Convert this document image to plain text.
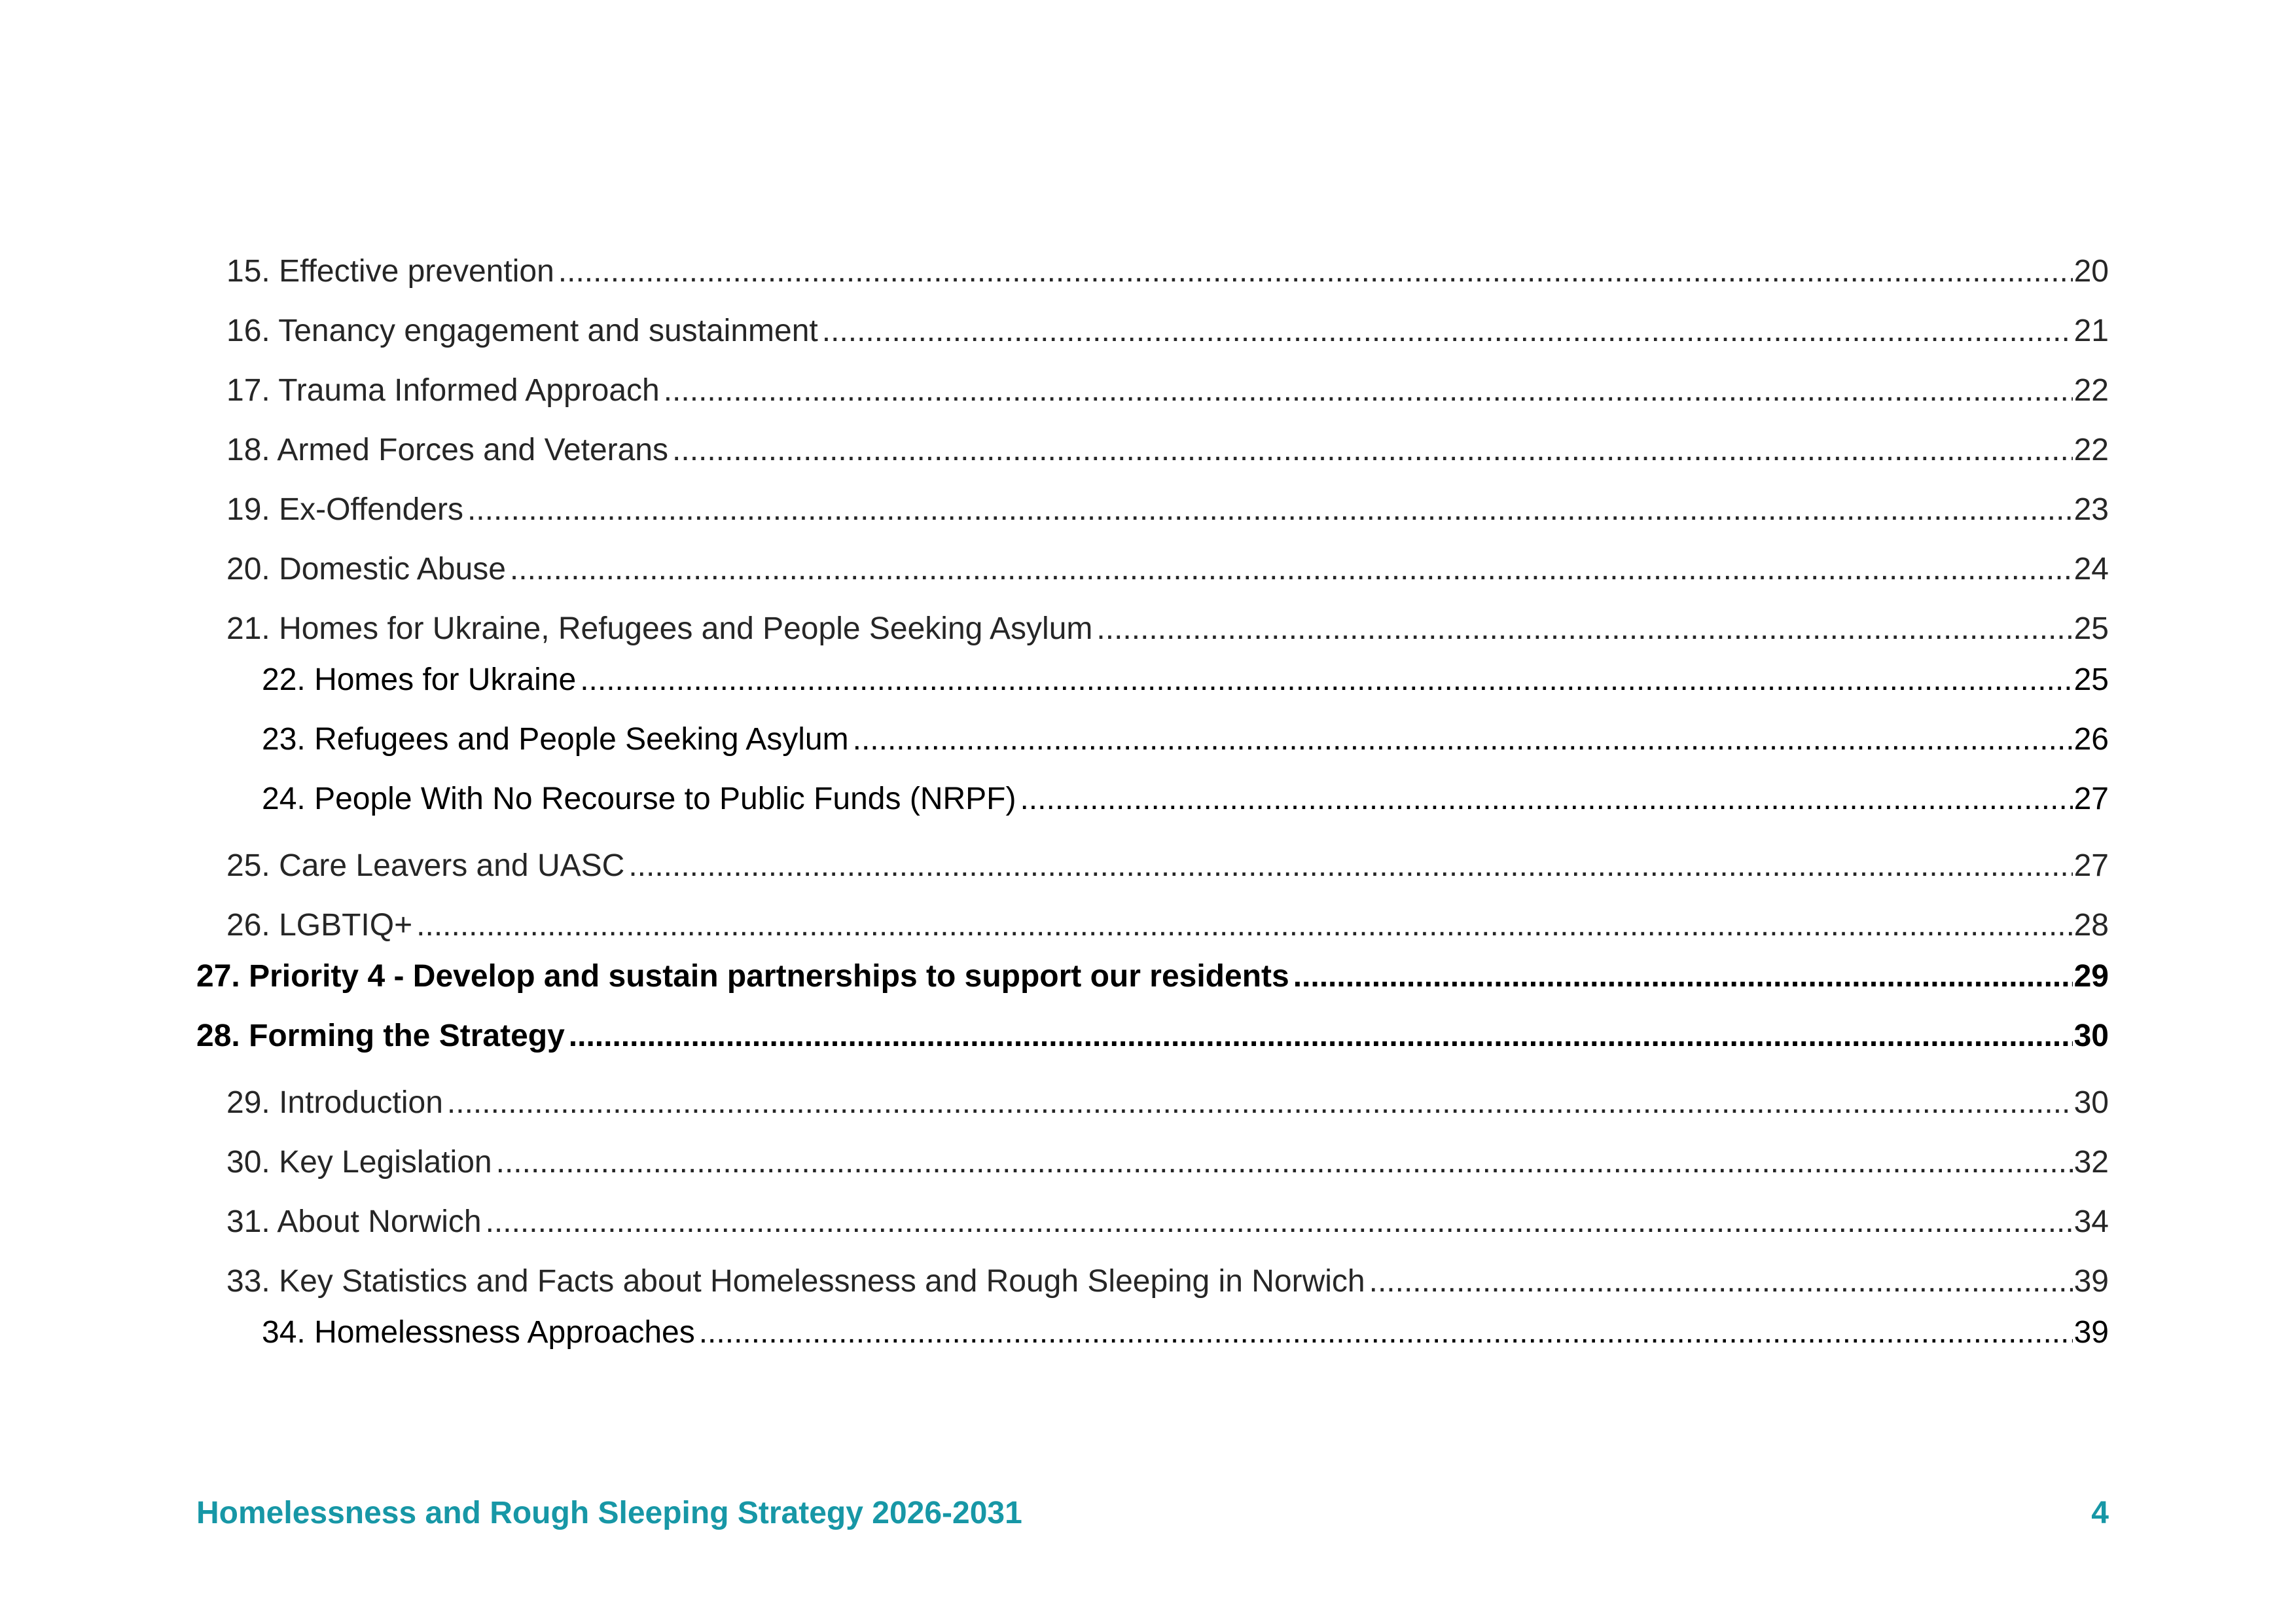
15. Effective prevention .....	20
16. Tenancy engagement and sustainment .....	21
17. Trauma Informed Approach .....	22
18. Armed Forces and Veterans .....	22
19. Ex-Offenders .....	23
20. Domestic Abuse .....	24
21. Homes for Ukraine, Refugees and People Seeking Asylum .....	25
22. Homes for Ukraine .....	25
23. Refugees and People Seeking Asylum .....	26
24. People With No Recourse to Public Funds (NRPF) .....	27
25. Care Leavers and UASC .....	27
26. LGBTIQ+ .....	28
27. Priority 4 - Develop and sustain partnerships to support our residents .....	29
28. Forming the Strategy .....	30
29. Introduction .....	30
30. Key Legislation .....	32
31. About Norwich .....	34
33. Key Statistics and Facts about Homelessness and Rough Sleeping in Norwich .....	39
34. Homelessness Approaches .....	39
Homelessness and Rough Sleeping Strategy 2026-2031	4
